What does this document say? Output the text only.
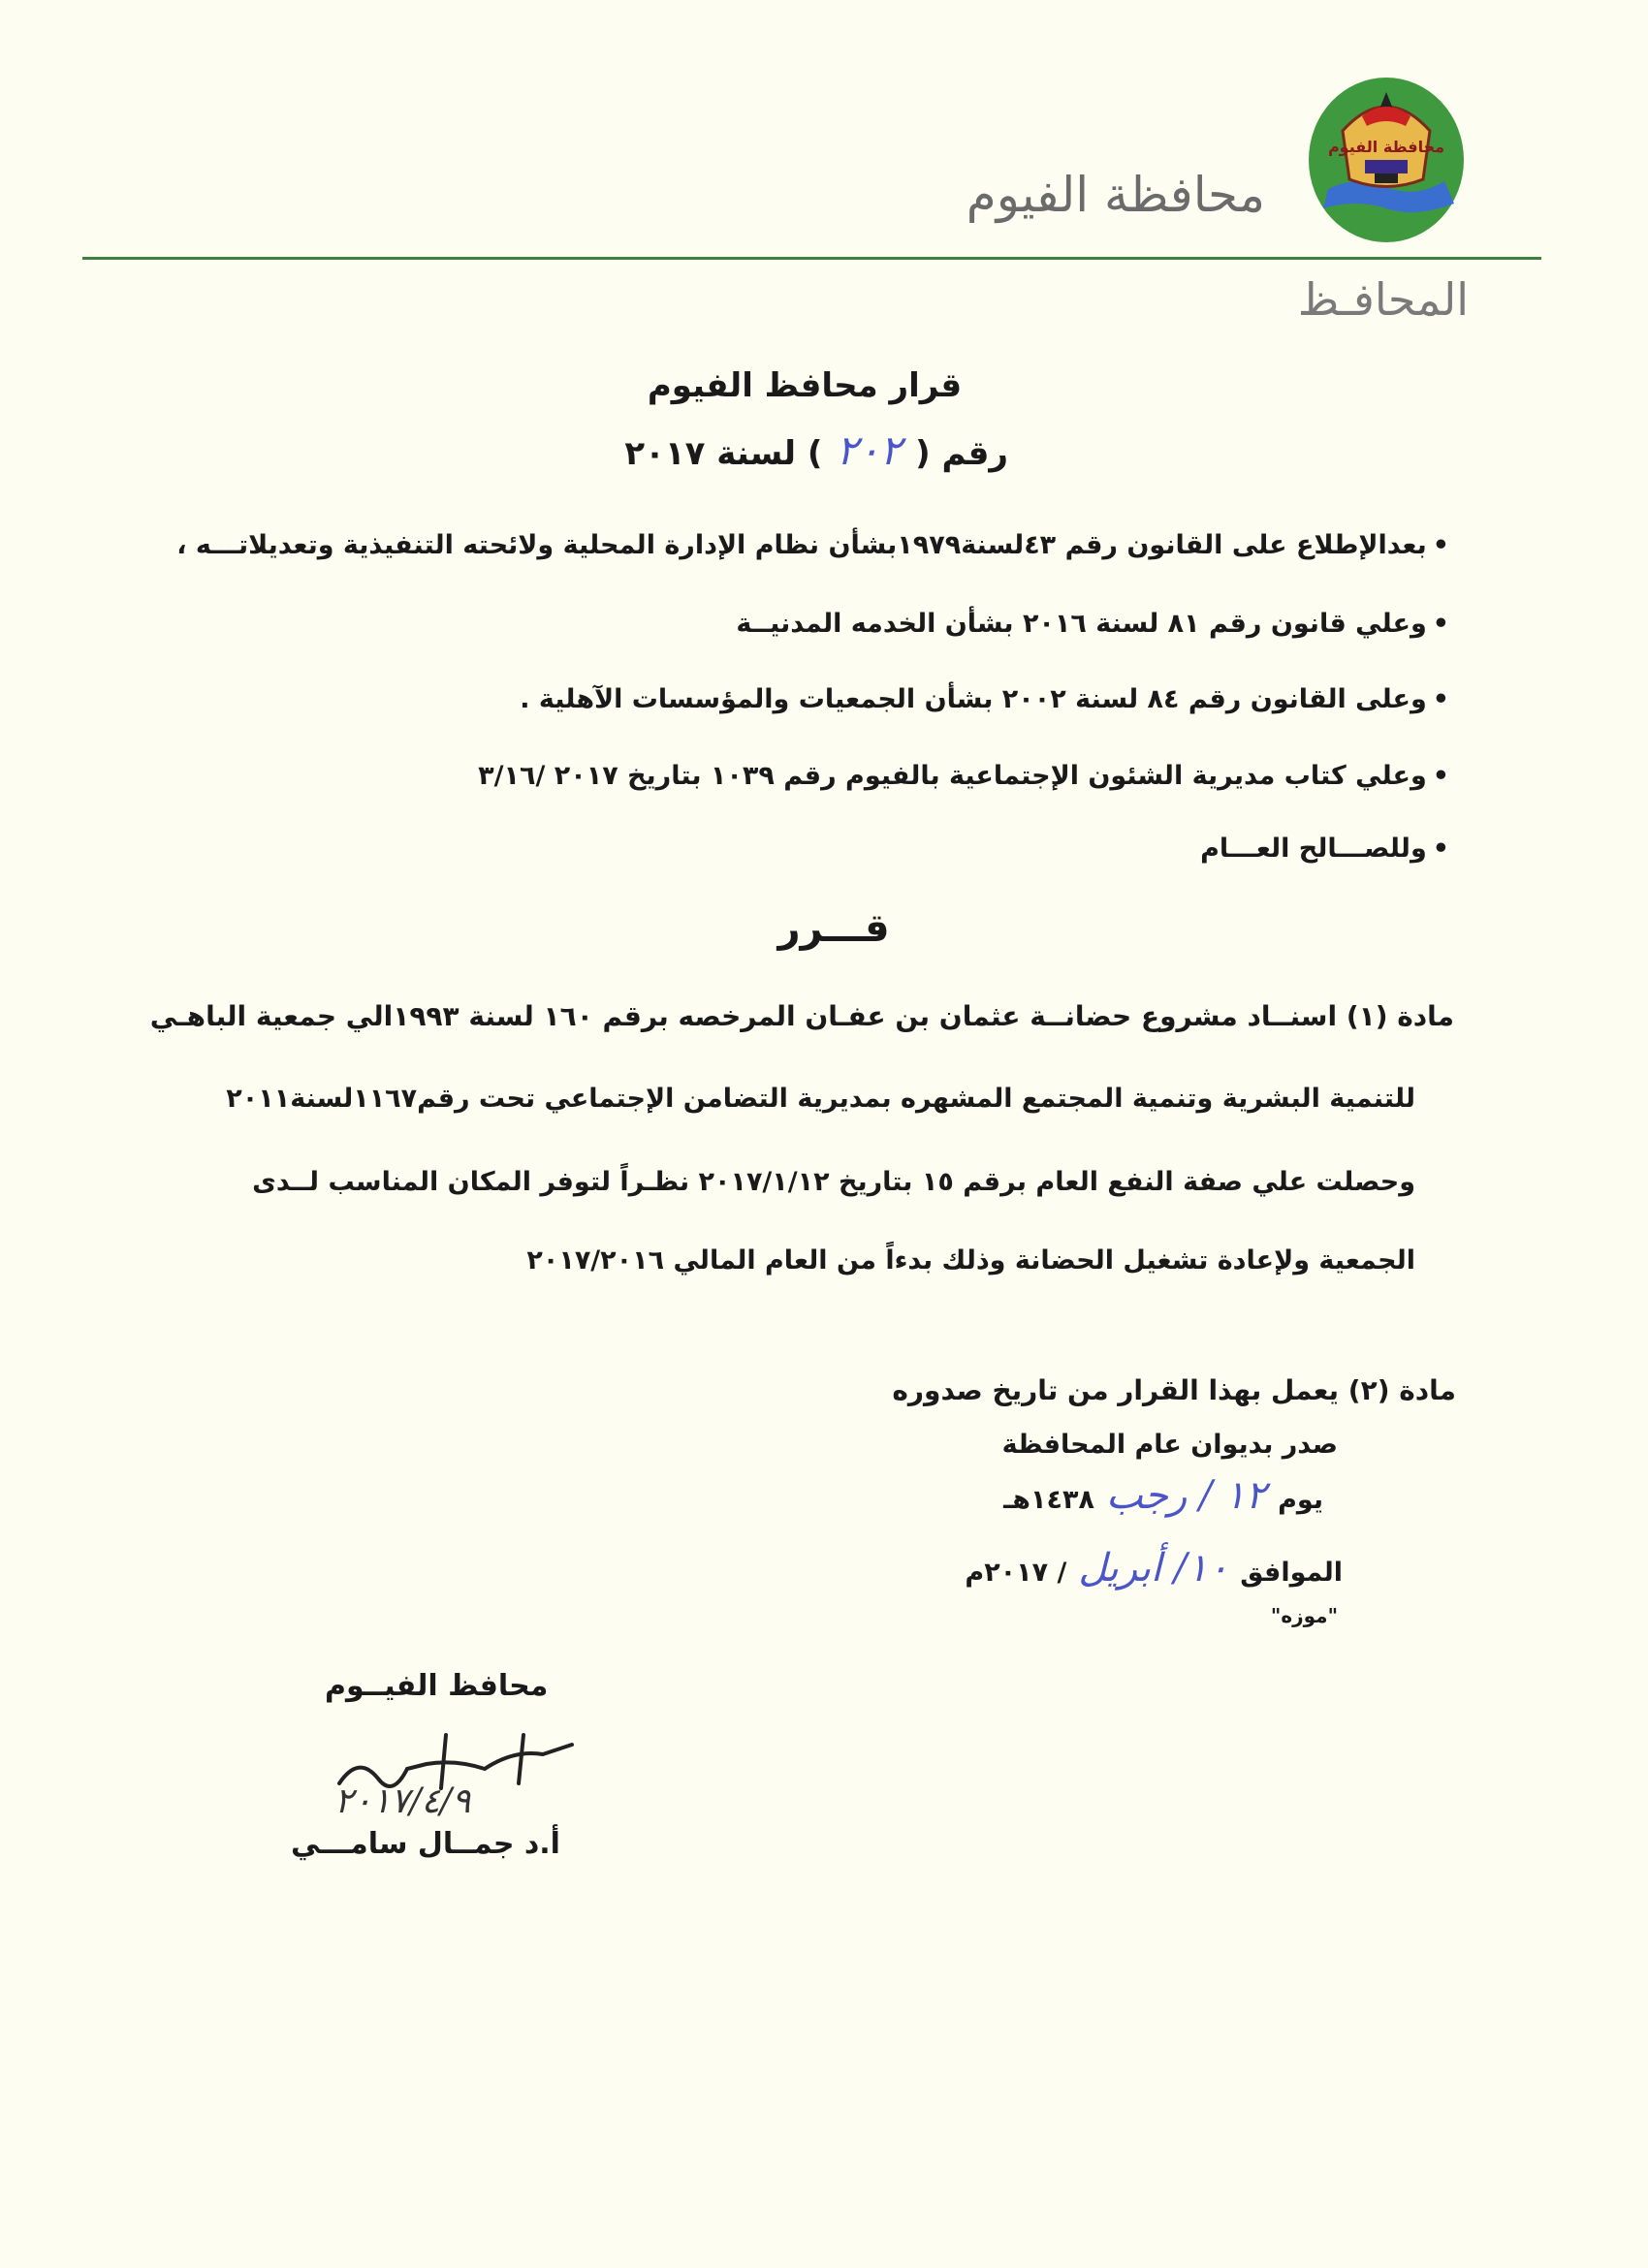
محافظة الفيوم
محافظة الفيوم
المحافـظ
قرار محافظ الفيوم
رقم (
٢٠٢
) لسنة ٢٠١٧
•بعدالإطلاع على القانون رقم ٤٣لسنة١٩٧٩بشأن نظام الإدارة المحلية ولائحته التنفيذية وتعديلاتـــه ،
•وعلي قانون رقم ٨١ لسنة ٢٠١٦ بشأن الخدمه المدنيــة
•وعلى القانون رقم ٨٤ لسنة ٢٠٠٢ بشأن الجمعيات والمؤسسات الآهلية .
•وعلي كتاب مديرية الشئون الإجتماعية بالفيوم رقم ١٠٣٩ بتاريخ ٢٠١٧ /٣/١٦
•وللصـــالح العـــام
قـــرر
مادة (١) اسنــاد مشروع حضانــة عثمان بن عفـان المرخصه برقم ١٦٠ لسنة ١٩٩٣الي جمعية الباهـي
للتنمية البشرية وتنمية المجتمع المشهره بمديرية التضامن الإجتماعي تحت رقم١١٦٧لسنة٢٠١١
وحصلت علي صفة النفع العام برقم ١٥ بتاريخ ٢٠١٧/١/١٢ نظـراً لتوفر المكان المناسب لــدى
الجمعية ولإعادة تشغيل الحضانة وذلك بدءاً من العام المالي ٢٠١٧/٢٠١٦
مادة (٢) يعمل بهذا القرار من تاريخ صدوره
صدر بديوان عام المحافظة
يوم
١٢ / رجب
١٤٣٨هـ
الموافق
١٠/ أبريل
/ ٢٠١٧م
"موزه"
محافظ الفيــوم
٢٠١٧/٤/٩
أ.د جمــال سامـــي
